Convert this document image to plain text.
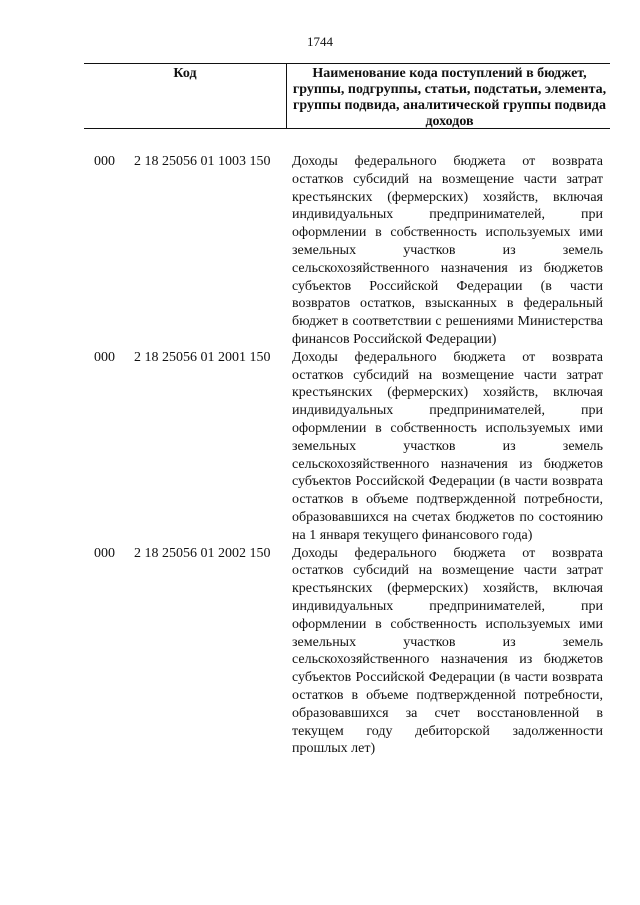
1744
Код	Наименование кода поступлений в бюджет, группы, подгруппы, статьи, подстатьи, элемента, группы подвида, аналитической группы подвида доходов
000 2 18 25056 01 1003 150 Доходы федерального бюджета от возврата остатков субсидий на возмещение части затрат крестьянских (фермерских) хозяйств, включая индивидуальных предпринимателей, при оформлении в собственность используемых ими земельных участков из земель сельскохозяйственного назначения из бюджетов субъектов Российской Федерации (в части возвратов остатков, взысканных в федеральный бюджет в соответствии с решениями Министерства финансов Российской Федерации)
000 2 18 25056 01 2001 150 Доходы федерального бюджета от возврата остатков субсидий на возмещение части затрат крестьянских (фермерских) хозяйств, включая индивидуальных предпринимателей, при оформлении в собственность используемых ими земельных участков из земель сельскохозяйственного назначения из бюджетов субъектов Российской Федерации (в части возврата остатков в объеме подтвержденной потребности, образовавшихся на счетах бюджетов по состоянию на 1 января текущего финансового года)
000 2 18 25056 01 2002 150 Доходы федерального бюджета от возврата остатков субсидий на возмещение части затрат крестьянских (фермерских) хозяйств, включая индивидуальных предпринимателей, при оформлении в собственность используемых ими земельных участков из земель сельскохозяйственного назначения из бюджетов субъектов Российской Федерации (в части возврата остатков в объеме подтвержденной потребности, образовавшихся за счет восстановленной в текущем году дебиторской задолженности прошлых лет)
